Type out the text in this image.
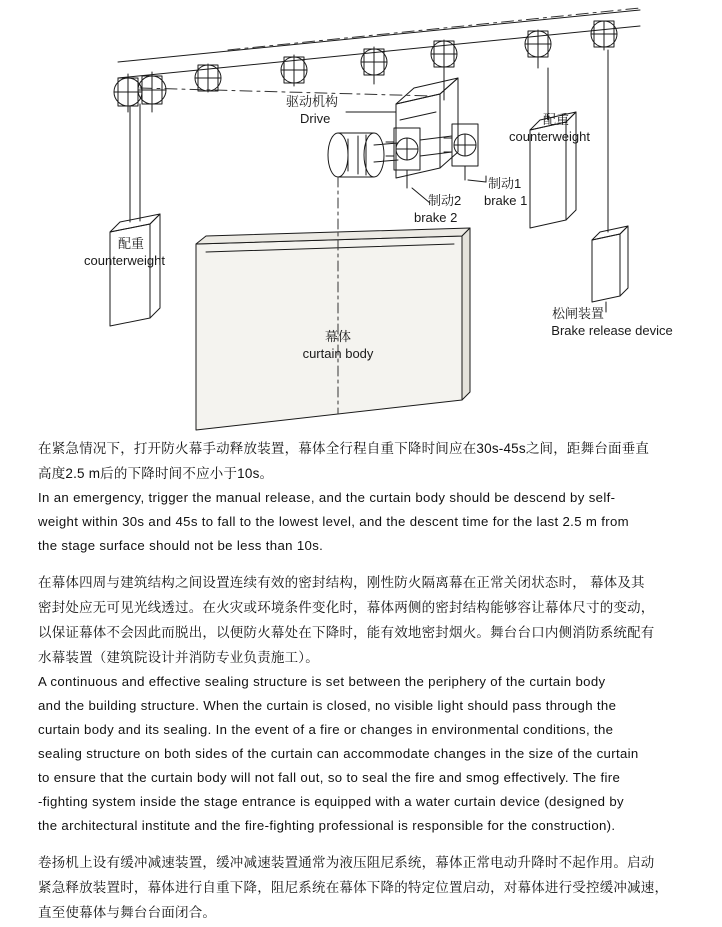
驱动机构
Drive	配重
counterweight
配重
counterweight
制动1
brake 1
制动2
brake 2
幕体
curtain body
松闸装置
Brake release device
在紧急情况下，打开防火幕手动释放装置，幕体全行程自重下降时间应在30s-45s之间，距舞台面垂直
高度2.5 m后的下降时间不应小于10s。
In an emergency, trigger the manual release, and the curtain body should be descend by self-
weight within 30s and 45s to fall to the lowest level, and the descent time for the last 2.5 m from
the stage surface should not be less than 10s.
在幕体四周与建筑结构之间设置连续有效的密封结构，刚性防火隔离幕在正常关闭状态时， 幕体及其
密封处应无可见光线透过。在火灾或环境条件变化时，幕体两侧的密封结构能够容让幕体尺寸的变动，
以保证幕体不会因此而脱出，以便防火幕处在下降时，能有效地密封烟火。舞台台口内侧消防系统配有
水幕装置（建筑院设计并消防专业负责施工）。
A continuous and effective sealing structure is set between the periphery of the curtain body
and the building structure. When the curtain is closed, no visible light should pass through the
curtain body and its sealing. In the event of a fire or changes in environmental conditions, the
sealing structure on both sides of the curtain can accommodate changes in the size of the curtain
to ensure that the curtain body will not fall out, so to seal the fire and smog effectively. The fire
-fighting system inside the stage entrance is equipped with a water curtain device (designed by
the architectural institute and the fire-fighting professional is responsible for the construction).
卷扬机上设有缓冲减速装置，缓冲减速装置通常为液压阻尼系统，幕体正常电动升降时不起作用。启动
紧急释放装置时，幕体进行自重下降，阻尼系统在幕体下降的特定位置启动，对幕体进行受控缓冲减速，
直至使幕体与舞台台面闭合。
